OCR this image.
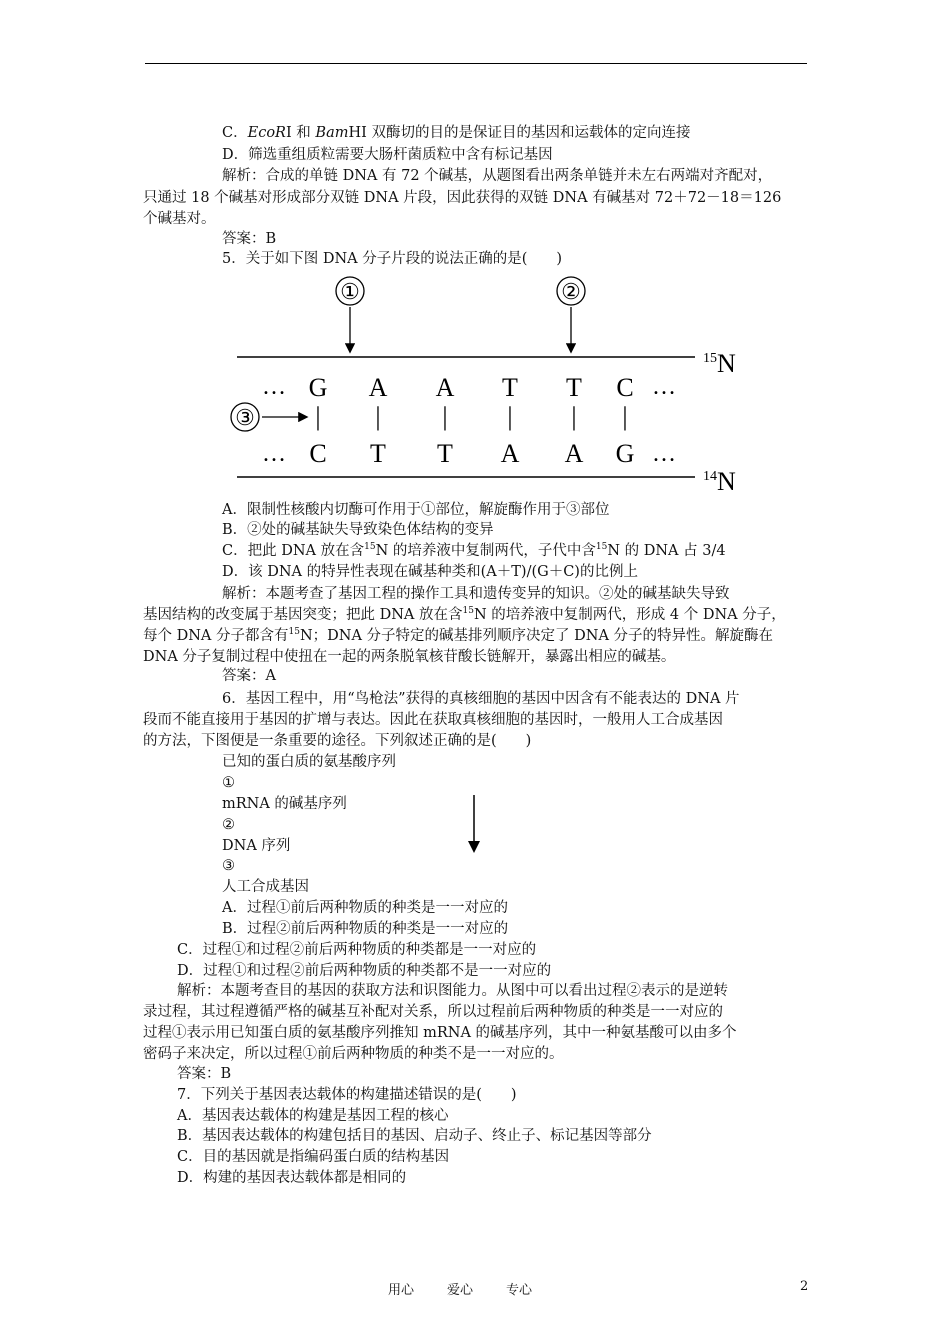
C．EcoRⅠ 和 BamHⅠ 双酶切的目的是保证目的基因和运载体的定向连接
D．筛选重组质粒需要大肠杆菌质粒中含有标记基因
解析：合成的单链 DNA 有 72 个碱基，从题图看出两条单链并未左右两端对齐配对，
只通过 18 个碱基对形成部分双链 DNA 片段，因此获得的双链 DNA 有碱基对 72＋72－18＝126
个碱基对。
答案：B
5．关于如下图 DNA 分子片段的说法正确的是(　　)
①	②
③
$^{15}$N
$^{14}$N
…	…
…	…
G A A T T C
| | | | | |
C T T A A G
A．限制性核酸内切酶可作用于①部位，解旋酶作用于③部位
B．②处的碱基缺失导致染色体结构的变异
C．把此 DNA 放在含$^{15}$N 的培养液中复制两代，子代中含$^{15}$N 的 DNA 占 3/4
D．该 DNA 的特异性表现在碱基种类和(A＋T)/(G＋C)的比例上
解析：本题考查了基因工程的操作工具和遗传变异的知识。②处的碱基缺失导致
基因结构的改变属于基因突变；把此 DNA 放在含$^{15}$N 的培养液中复制两代，形成 4 个 DNA 分子，
每个 DNA 分子都含有$^{15}$N；DNA 分子特定的碱基排列顺序决定了 DNA 分子的特异性。解旋酶在
DNA 分子复制过程中使扭在一起的两条脱氧核苷酸长链解开，暴露出相应的碱基。
答案：A
6．基因工程中，用“鸟枪法”获得的真核细胞的基因中因含有不能表达的 DNA 片
段而不能直接用于基因的扩增与表达。因此在获取真核细胞的基因时，一般用人工合成基因
的方法，下图便是一条重要的途径。下列叙述正确的是(　　)
已知的蛋白质的氨基酸序列
①
mRNA 的碱基序列
②
DNA 序列
③
人工合成基因
A．过程①前后两种物质的种类是一一对应的
B．过程②前后两种物质的种类是一一对应的
C．过程①和过程②前后两种物质的种类都是一一对应的
D．过程①和过程②前后两种物质的种类都不是一一对应的
解析：本题考查目的基因的获取方法和识图能力。从图中可以看出过程②表示的是逆转
录过程，其过程遵循严格的碱基互补配对关系，所以过程前后两种物质的种类是一一对应的
过程①表示用已知蛋白质的氨基酸序列推知 mRNA 的碱基序列，其中一种氨基酸可以由多个
密码子来决定，所以过程①前后两种物质的种类不是一一对应的。
答案：B
7．下列关于基因表达载体的构建描述错误的是(　　)
A．基因表达载体的构建是基因工程的核心
B．基因表达载体的构建包括目的基因、启动子、终止子、标记基因等部分
C．目的基因就是指编码蛋白质的结构基因
D．构建的基因表达载体都是相同的
用心	爱心	专心	2
